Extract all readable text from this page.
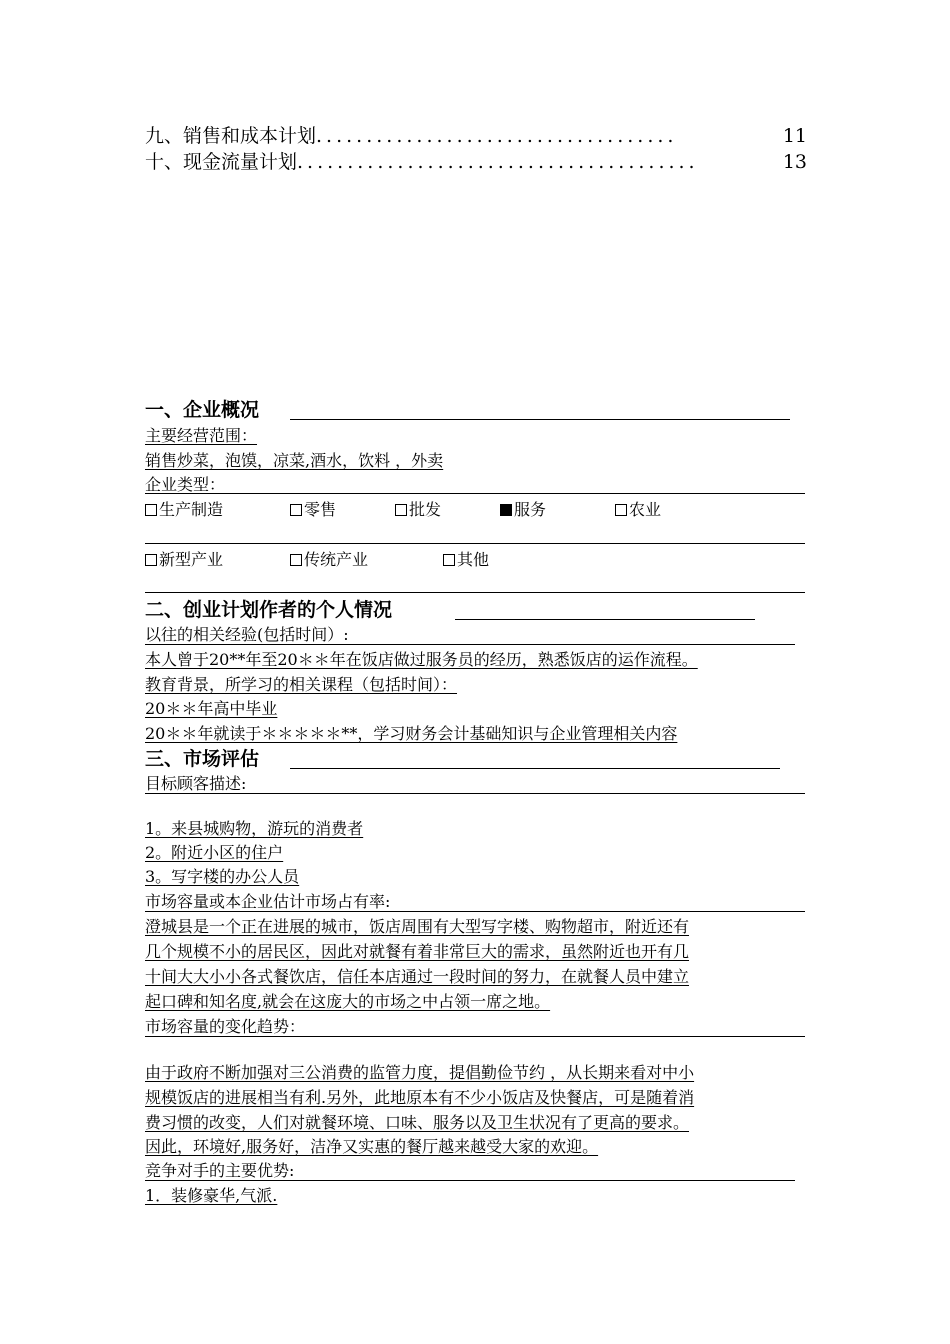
九、销售和成本计划 ....................................	11
十、现金流量计划 ........................................	13
一、企业概况
主要经营范围：
销售炒菜，泡馍，凉菜,酒水，饮料 ，外卖
企业类型：
生产制造	零售	批发	服务	农业
新型产业	传统产业	其他
二、创业计划作者的个人情况
以往的相关经验(包括时间）:
本人曾于20**年至20＊＊年在饭店做过服务员的经历，熟悉饭店的运作流程。
教育背景，所学习的相关课程（包括时间）：
20＊＊年高中毕业
20＊＊年就读于＊＊＊＊＊**，学习财务会计基础知识与企业管理相关内容
三、市场评估
目标顾客描述:
1。来县城购物，游玩的消费者
2。附近小区的住户
3。写字楼的办公人员
市场容量或本企业估计市场占有率:
澄城县是一个正在进展的城市，饭店周围有大型写字楼、购物超市，附近还有
几个规模不小的居民区，因此对就餐有着非常巨大的需求，虽然附近也开有几
十间大大小小各式餐饮店，信任本店通过一段时间的努力，在就餐人员中建立
起口碑和知名度,就会在这庞大的市场之中占领一席之地。
市场容量的变化趋势：
由于政府不断加强对三公消费的监管力度，提倡勤俭节约 ，从长期来看对中小
规模饭店的进展相当有利.另外，此地原本有不少小饭店及快餐店，可是随着消
费习惯的改变，人们对就餐环境、口味、服务以及卫生状况有了更高的要求。
因此，环境好,服务好，洁净又实惠的餐厅越来越受大家的欢迎。
竞争对手的主要优势:
1．装修豪华,气派.
